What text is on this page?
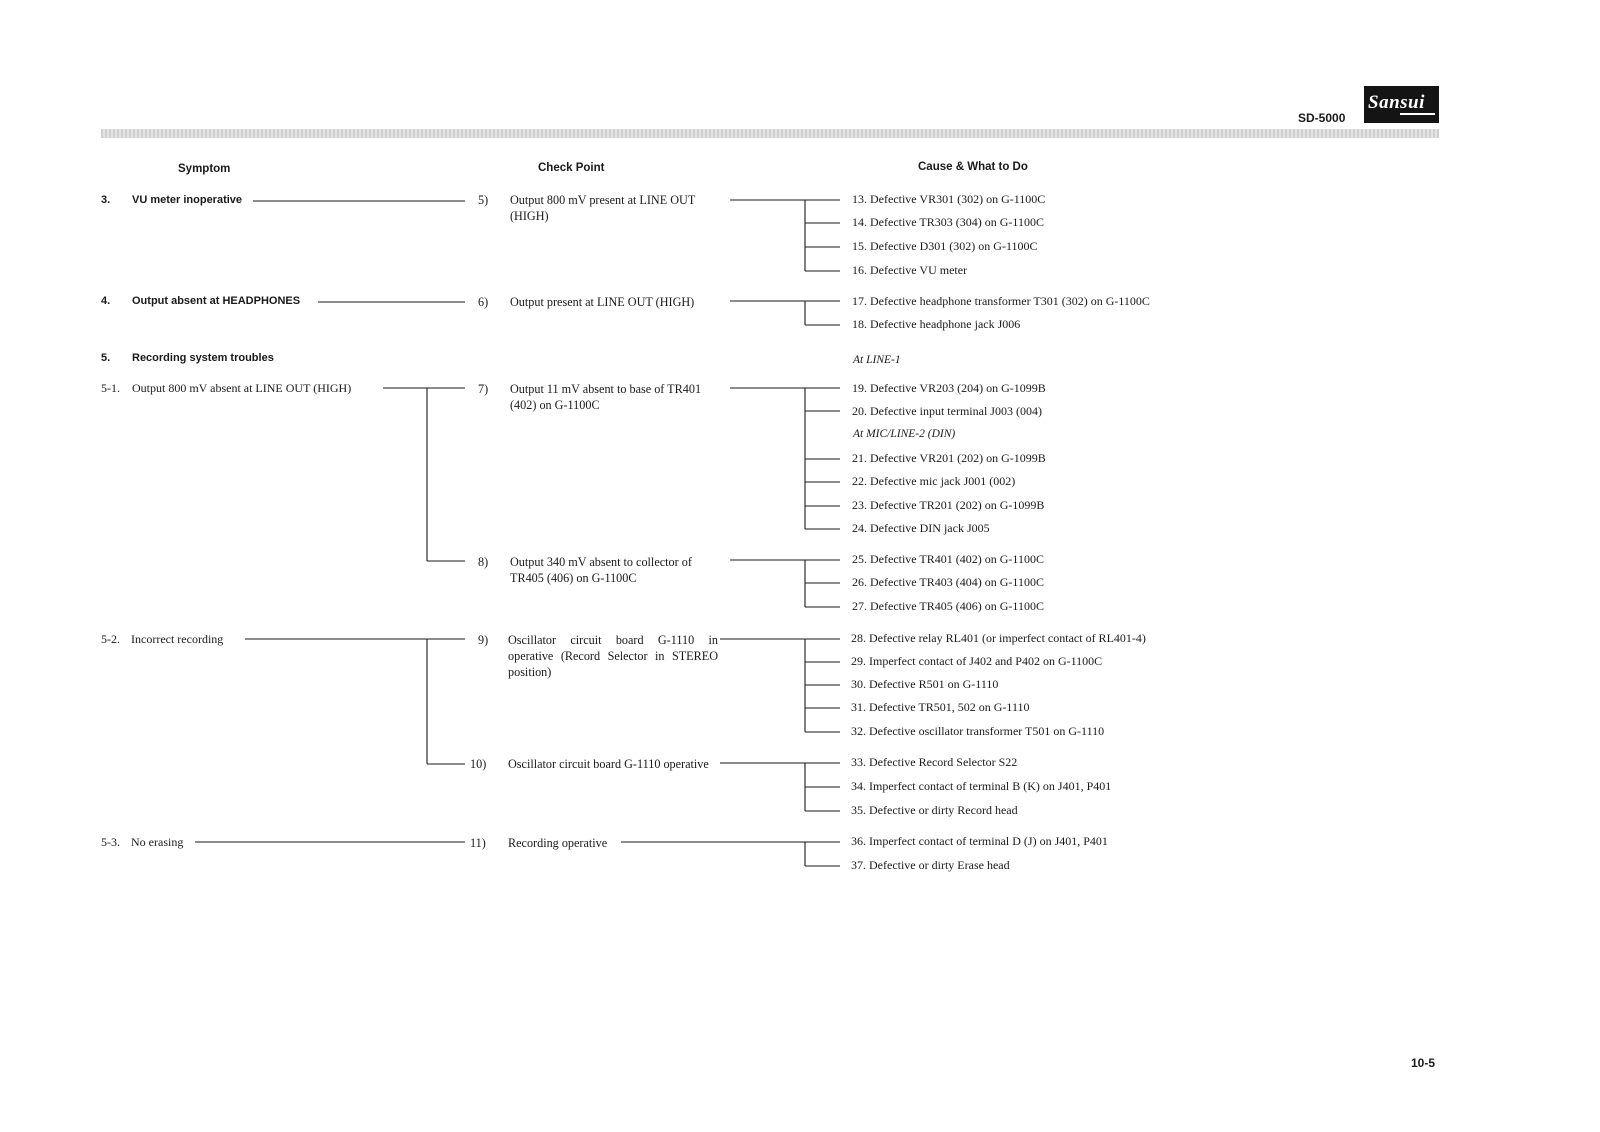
SD-5000
Sansui
Symptom	Check Point	Cause & What to Do
3. VU meter inoperative
4. Output absent at HEADPHONES
5. Recording system troubles
5-1. Output 800 mV absent at LINE OUT (HIGH)
5-2. Incorrect recording
5-3. No erasing
5) Output 800 mV present at LINE OUT (HIGH)
6) Output present at LINE OUT (HIGH)
7) Output 11 mV absent to base of TR401 (402) on G-1100C
8) Output 340 mV absent to collector of TR405 (406) on G-1100C
9) Oscillator circuit board G-1110 in operative (Record Selector in STEREO position)
10) Oscillator circuit board G-1110 operative
11) Recording operative
At LINE-1
At MIC/LINE-2 (DIN)
13. Defective VR301 (302) on G-1100C
14. Defective TR303 (304) on G-1100C
15. Defective D301 (302) on G-1100C
16. Defective VU meter
17. Defective headphone transformer T301 (302) on G-1100C
18. Defective headphone jack J006
19. Defective VR203 (204) on G-1099B
20. Defective input terminal J003 (004)
21. Defective VR201 (202) on G-1099B
22. Defective mic jack J001 (002)
23. Defective TR201 (202) on G-1099B
24. Defective DIN jack J005
25. Defective TR401 (402) on G-1100C
26. Defective TR403 (404) on G-1100C
27. Defective TR405 (406) on G-1100C
28. Defective relay RL401 (or imperfect contact of RL401-4)
29. Imperfect contact of J402 and P402 on G-1100C
30. Defective R501 on G-1110
31. Defective TR501, 502 on G-1110
32. Defective oscillator transformer T501 on G-1110
33. Defective Record Selector S22
34. Imperfect contact of terminal B (K) on J401, P401
35. Defective or dirty Record head
36. Imperfect contact of terminal D (J) on J401, P401
37. Defective or dirty Erase head
10-5
